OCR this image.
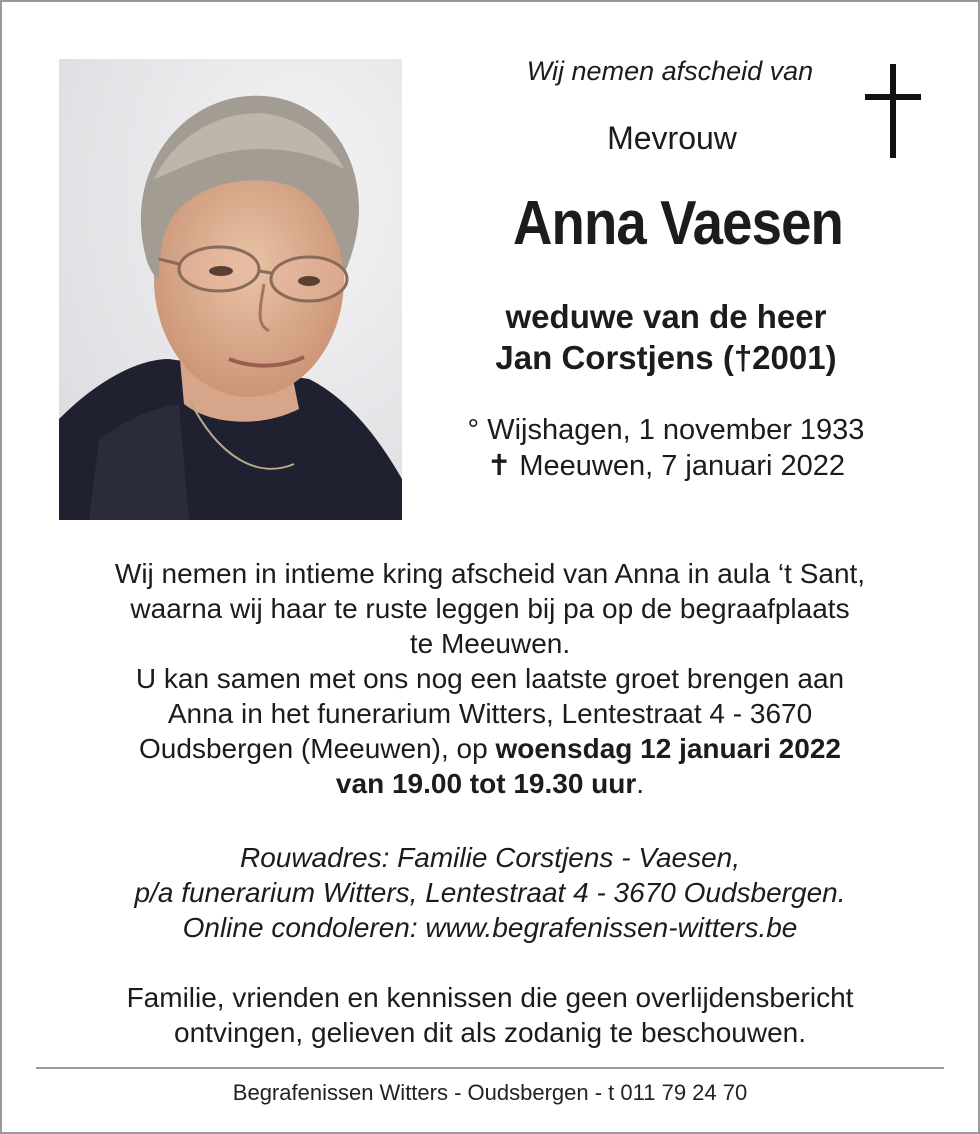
Wij nemen afscheid van
Mevrouw
Anna Vaesen
weduwe van de heer
Jan Corstjens (†2001)
° Wijshagen, 1 november 1933
✝ Meeuwen, 7 januari 2022
Wij nemen in intieme kring afscheid van Anna in aula ‘t Sant,
waarna wij haar te ruste leggen bij pa op de begraafplaats
te Meeuwen.
U kan samen met ons nog een laatste groet brengen aan
Anna in het funerarium Witters, Lentestraat 4 - 3670
Oudsbergen (Meeuwen), op woensdag 12 januari 2022
van 19.00 tot 19.30 uur.
Rouwadres: Familie Corstjens - Vaesen,
p/a funerarium Witters, Lentestraat 4 - 3670 Oudsbergen.
Online condoleren: www.begrafenissen-witters.be
Familie, vrienden en kennissen die geen overlijdensbericht
ontvingen, gelieven dit als zodanig te beschouwen.
Begrafenissen Witters - Oudsbergen - t 011 79 24 70
